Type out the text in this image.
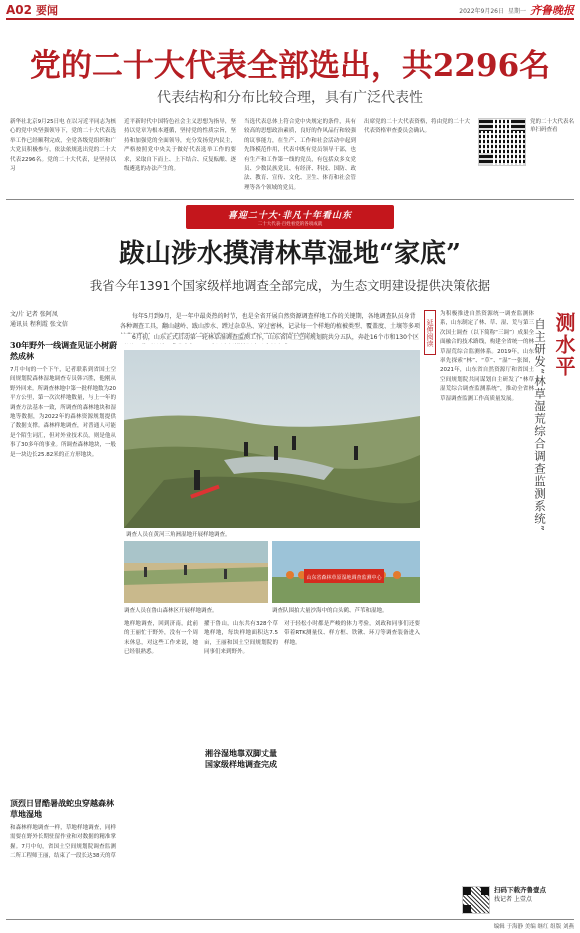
A02 要闻	2022年9月26日 星期一 齐鲁晚报
党的二十大代表全部选出，共2296名
代表结构和分布比较合理，具有广泛代表性
新华社北京9月25日电 在以习近平同志为核心的党中央坚强领导下，党的二十大代表选举工作已经顺利完成，全党各级党组织和广大党员积极参与，依法依规选出党的二十大代表2296名。党的二十大代表，是坚持以习
近平新时代中国特色社会主义思想为指导，坚持以党章为根本遵循，坚持党的性质宗旨，坚持和加强党的全面领导，充分发扬党内民主，严格按照党中央关于做好代表选举工作的要求，采取自下而上、上下结合、反复酝酿、逐级遴选的办法产生的。
当选代表总体上符合党中央规定的条件，具有较高的思想政治素质，良好的作风品行和较强的议事能力，在生产、工作和社会活动中起到先锋模范作用，代表中既有党员领导干部，也有生产和工作第一线的党员，有包括众多女党员、少数民族党员、有经济、科技、国防、政法、教育、宣传、文化、卫生、体育和社会管理等各个领域的党员。
出席党的二十大代表资格，将由党的二十大代表资格审查委员会确认。
党的二十大代表名单扫码查看
喜迎二十大·非凡十年看山东
二十大代表·百姓看党的各项成就
跋山涉水摸清林草湿地“家底”
我省今年1391个国家级样地调查全部完成，为生态文明建设提供决策依据
文/片 记者 张阿凤
通讯员 程利霞 张文信
30年野外一线调查见证小树蔚然成林
7月中旬的一个下午，记者联系到省国土空间规划院森林湿地调查专员韩兴胜，他刚从野外回来。所调查林地中第一批样地数为20平方公里，第一次次样地数量，与上一年的调查方法基本一致，所调查的森林地块和湿地等数据，为2022年的森林资源规划提供了数据支撑。森林样地调查，对普通人可能是个陌生词汇，但对外业技术员，则是他从事了30多年的事业。所调查森林地块，一般是一块边长25.82米的正方形地块。
顶烈日冒酷暑战蛇虫穿越森林草地湿地
和森林样地调查一样，草地样地调查，同样需要在野外长期驻留作业和对数据的精准掌握。7月中旬，省国土空间规划院调查监测二所工程师王丽，结束了一段长达38天的草
每年5月到9月，是一年中最炎热的时节，也是全省开展自然资源调查样地工作的关键期，各地调查队员身背各种调查工具，翻山越岭、跋山涉水、蹚过杂草丛、穿过密林，记录每一个样地的植被类型、覆盖度、土壤等多项
6月初，山东正式启动第一轮林草湿调查监测工作，山东省国土空间规划院共分五队，奔赴16个市和130个区
调查人员在黄河三角洲湿地开展样地调查。
山东省森林草原湿地调查监测中心
调查人员在鲁山森林区开展样地调查。	调查队围拍大量沙海中的白头鹤、芦苇和湿地。
地样地调查，回到济南，此前的王丽忙于野外，没有一个周末休息，对这些工作来说，她已经很熟悉。
擢于鲁山，山东共有328个草地样地，每块样地面积达7.5亩，王丽和国土空间规划院的同事们来到野外。
湘谷湿地靠双脚丈量国家级样地调查完成
对于轻松小时都是严峻的体力考验，刘政和同事们还要带着RTK测量仪、样方框、铁锹、环刀等调查装备进入样地。
延伸阅读
为积极推进自然资源统一调查监测体系，山东制定了林、草、湿、荒与第三次国土调查（以下简称“三调”）成果全面融合的技术路线，构建全省统一的林草湿荒综合监测体系。2019年，山东率先探索“林”、“草”、“湿”一张图，2021年，山东省自然资源厅和省国土空间规划院共同谋划自主研发了“林草湿荒综合调查监测系统”，推动全省林草湿调查监测工作高质量发展。
测水平
自主研发“林草湿荒综合调查监测系统”
扫码下载齐鲁壹点
找记者 上壹点
编辑 于海静 美编 继红 组版 刘燕
